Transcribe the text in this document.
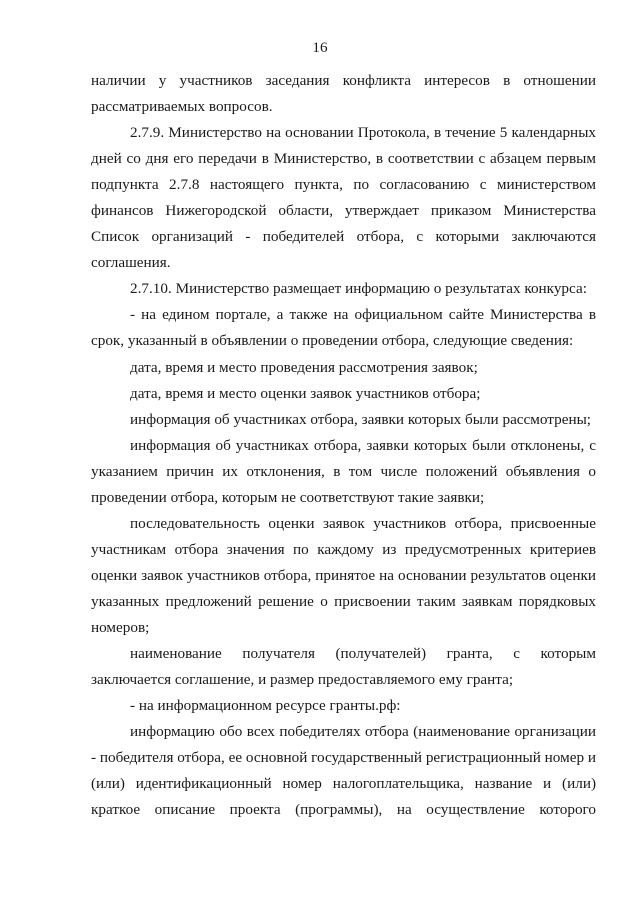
16

наличии у участников заседания конфликта интересов в отношении рассматриваемых вопросов.

2.7.9. Министерство на основании Протокола, в течение 5 календарных дней со дня его передачи в Министерство, в соответствии с абзацем первым подпункта 2.7.8 настоящего пункта, по согласованию с министерством финансов Нижегородской области, утверждает приказом Министерства Список организаций - победителей отбора, с которыми заключаются соглашения.

2.7.10. Министерство размещает информацию о результатах конкурса:

- на едином портале, а также на официальном сайте Министерства в срок, указанный в объявлении о проведении отбора, следующие сведения:

дата, время и место проведения рассмотрения заявок;

дата, время и место оценки заявок участников отбора;

информация об участниках отбора, заявки которых были рассмотрены;

информация об участниках отбора, заявки которых были отклонены, с указанием причин их отклонения, в том числе положений объявления о проведении отбора, которым не соответствуют такие заявки;

последовательность оценки заявок участников отбора, присвоенные участникам отбора значения по каждому из предусмотренных критериев оценки заявок участников отбора, принятое на основании результатов оценки указанных предложений решение о присвоении таким заявкам порядковых номеров;

наименование получателя (получателей) гранта, с которым заключается соглашение, и размер предоставляемого ему гранта;

- на информационном ресурсе гранты.рф:

информацию обо всех победителях отбора (наименование организации - победителя отбора, ее основной государственный регистрационный номер и (или) идентификационный номер налогоплательщика, название и (или) краткое описание проекта (программы), на осуществление которого
